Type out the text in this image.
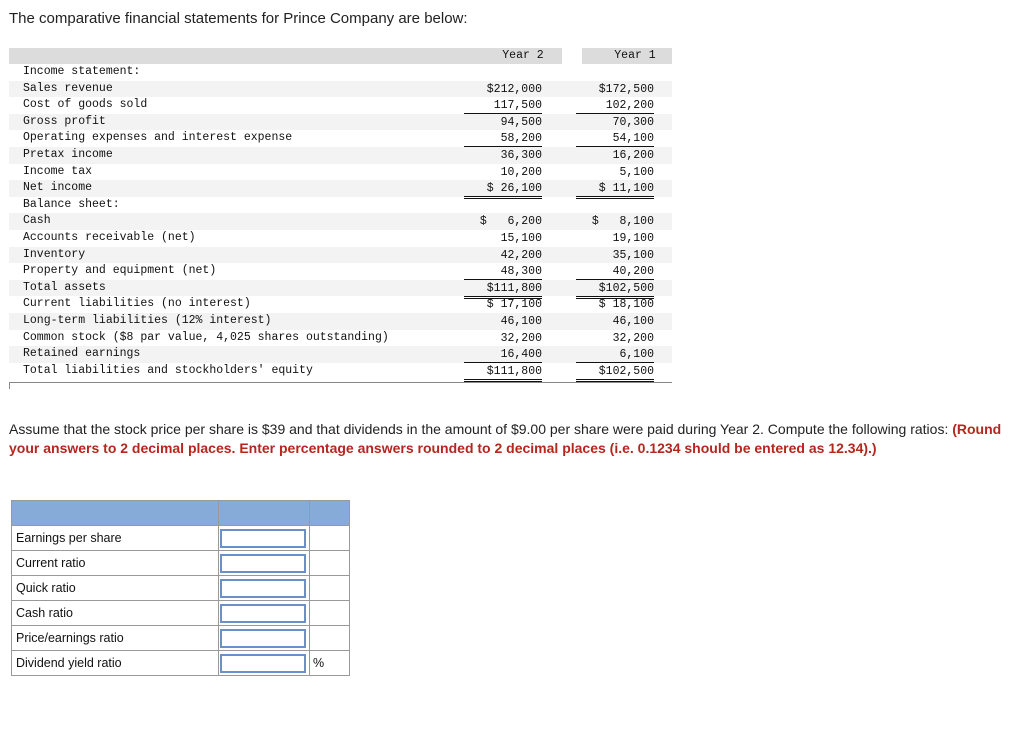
The comparative financial statements for Prince Company are below:
Year 2	Year 1
Income statement:
Sales revenue	$212,000	$172,500
Cost of goods sold	117,500	102,200
Gross profit	94,500	70,300
Operating expenses and interest expense	58,200	54,100
Pretax income	36,300	16,200
Income tax	10,200	5,100
Net income	$ 26,100	$ 11,100
Balance sheet:
Cash	$   6,200	$   8,100
Accounts receivable (net)	15,100	19,100
Inventory	42,200	35,100
Property and equipment (net)	48,300	40,200
Total assets	$111,800	$102,500
Current liabilities (no interest)	$ 17,100	$ 18,100
Long-term liabilities (12% interest)	46,100	46,100
Common stock ($8 par value, 4,025 shares outstanding)	32,200	32,200
Retained earnings	16,400	6,100
Total liabilities and stockholders' equity	$111,800	$102,500
Assume that the stock price per share is $39 and that dividends in the amount of $9.00 per share were paid during Year 2. Compute the following ratios: (Round your answers to 2 decimal places. Enter percentage answers rounded to 2 decimal places (i.e. 0.1234 should be entered as 12.34).)

Earnings per share	

Current ratio	

Quick ratio	

Cash ratio	

Price/earnings ratio	

Dividend yield ratio		%
